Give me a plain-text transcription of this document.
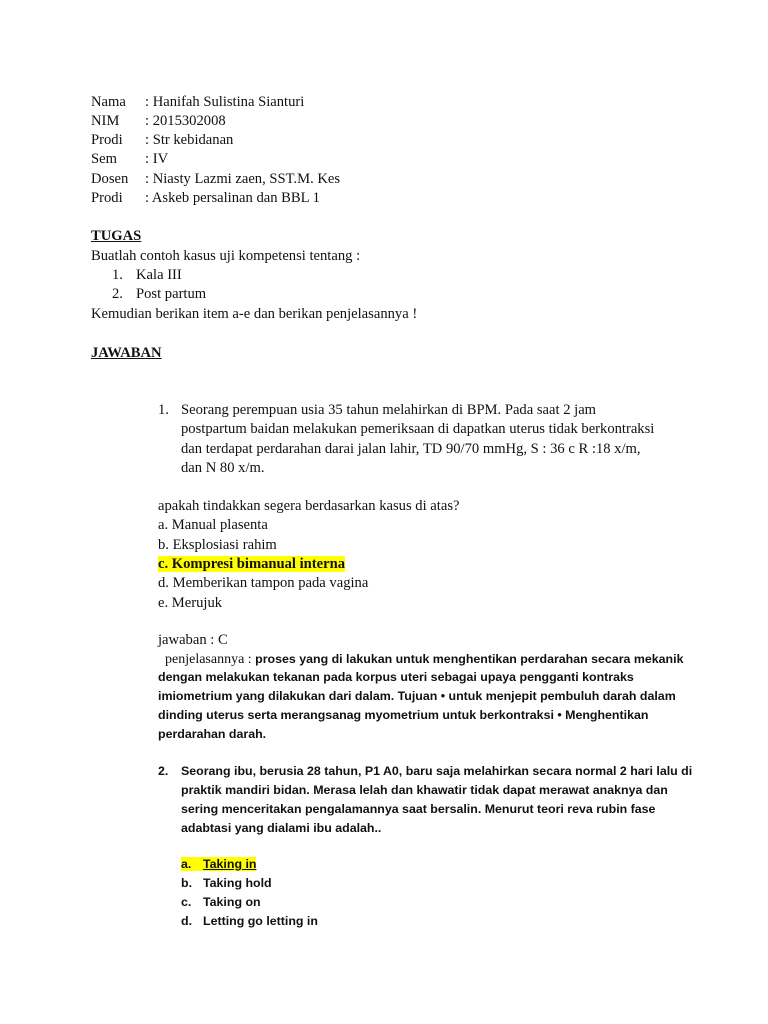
Nama : Hanifah Sulistina Sianturi
NIM : 2015302008
Prodi : Str kebidanan
Sem : IV
Dosen : Niasty Lazmi zaen, SST.M. Kes
Prodi : Askeb persalinan dan BBL 1
TUGAS
Buatlah contoh kasus uji kompetensi tentang :
1. Kala III
2. Post partum
Kemudian berikan item a-e dan berikan penjelasannya !
JAWABAN
1. Seorang perempuan usia 35 tahun melahirkan di BPM. Pada saat 2 jam
postpartum baidan melakukan pemeriksaan di dapatkan uterus tidak berkontraksi
dan terdapat perdarahan darai jalan lahir, TD 90/70 mmHg, S : 36 c R :18 x/m,
dan N 80 x/m.
apakah tindakkan segera berdasarkan kasus di atas?
a. Manual plasenta
b. Eksplosiasi rahim
c. Kompresi bimanual interna
d. Memberikan tampon pada vagina
e. Merujuk
jawaban : C
penjelasannya : proses yang di lakukan untuk menghentikan perdarahan secara mekanik
dengan melakukan tekanan pada korpus uteri sebagai upaya pengganti kontraks
imiometrium yang dilakukan dari dalam. Tujuan • untuk menjepit pembuluh darah dalam
dinding uterus serta merangsanag myometrium untuk berkontraksi • Menghentikan
perdarahan darah.
2. Seorang ibu, berusia 28 tahun, P1 A0, baru saja melahirkan secara normal 2 hari lalu di
praktik mandiri bidan. Merasa lelah dan khawatir tidak dapat merawat anaknya dan
sering menceritakan pengalamannya saat bersalin. Menurut teori reva rubin fase
adabtasi yang dialami ibu adalah..
a. Taking in
b. Taking hold
c. Taking on
d. Letting go letting in
